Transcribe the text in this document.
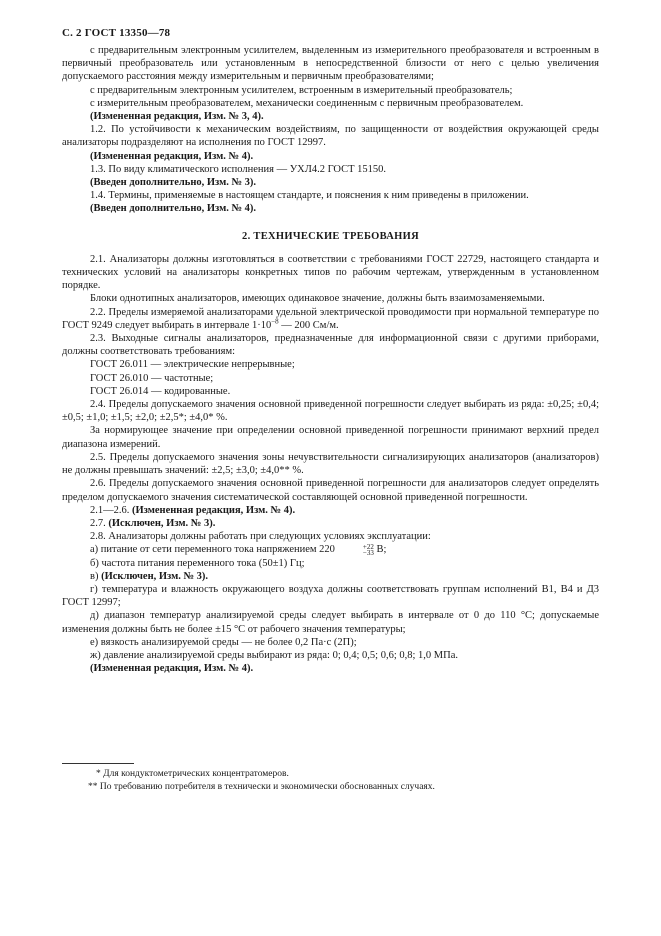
С. 2 ГОСТ 13350—78

с предварительным электронным усилителем, выделенным из измерительного преобразователя и встроенным в первичный преобразователь или установленным в непосредственной близости от него с целью увеличения допускаемого расстояния между измерительным и первичным преобразователями;

с предварительным электронным усилителем, встроенным в измерительный преобразователь;

с измерительным преобразователем, механически соединенным с первичным преобразователем.

(Измененная редакция, Изм. № 3, 4).

1.2. По устойчивости к механическим воздействиям, по защищенности от воздействия окружающей среды анализаторы подразделяют на исполнения по ГОСТ 12997.

(Измененная редакция, Изм. № 4).

1.3. По виду климатического исполнения — УХЛ4.2 ГОСТ 15150.

(Введен дополнительно, Изм. № 3).

1.4. Термины, применяемые в настоящем стандарте, и пояснения к ним приведены в приложении.

(Введен дополнительно, Изм. № 4).

2. ТЕХНИЧЕСКИЕ ТРЕБОВАНИЯ

2.1. Анализаторы должны изготовляться в соответствии с требованиями ГОСТ 22729, настоящего стандарта и технических условий на анализаторы конкретных типов по рабочим чертежам, утвержденным в установленном порядке.

Блоки однотипных анализаторов, имеющих одинаковое значение, должны быть взаимозаменяемыми.

2.2. Пределы измеряемой анализаторами удельной электрической проводимости при нормальной температуре по ГОСТ 9249 следует выбирать в интервале $1\cdot 10^{-8}$ — 200 См/м.

2.3. Выходные сигналы анализаторов, предназначенные для информационной связи с другими приборами, должны соответствовать требованиям:

ГОСТ 26.011 — электрические непрерывные;

ГОСТ 26.010 — частотные;

ГОСТ 26.014 — кодированные.

2.4. Пределы допускаемого значения основной приведенной погрешности следует выбирать из ряда: ±0,25; ±0,4; ±0,5; ±1,0; ±1,5; ±2,0; ±2,5*; ±4,0* %.

За нормирующее значение при определении основной приведенной погрешности принимают верхний предел диапазона измерений.

2.5. Пределы допускаемого значения зоны нечувствительности сигнализирующих анализаторов (анализаторов) не должны превышать значений: ±2,5; ±3,0; ±4,0** %.

2.6. Пределы допускаемого значения основной приведенной погрешности для анализаторов следует определять пределом допускаемого значения систематической составляющей основной приведенной погрешности.

2.1—2.6. (Измененная редакция, Изм. № 4).

2.7. (Исключен, Изм. № 3).

2.8. Анализаторы должны работать при следующих условиях эксплуатации:

а) питание от сети переменного тока напряжением 220	+22
−33 В;

б) частота питания переменного тока (50±1) Гц;

в) (Исключен, Изм. № 3).

г) температура и влажность окружающего воздуха должны соответствовать группам исполнений В1, В4 и Д3 ГОСТ 12997;

д) диапазон температур анализируемой среды следует выбирать в интервале от 0 до 110 °С; допускаемые изменения должны быть не более ±15 °С от рабочего значения температуры;

е) вязкость анализируемой среды — не более 0,2 Па·с (2П);

ж) давление анализируемой среды выбирают из ряда: 0; 0,4; 0,5; 0,6; 0,8; 1,0 МПа.

(Измененная редакция, Изм. № 4).

* Для кондуктометрических концентратомеров.

** По требованию потребителя в технически и экономически обоснованных случаях.
